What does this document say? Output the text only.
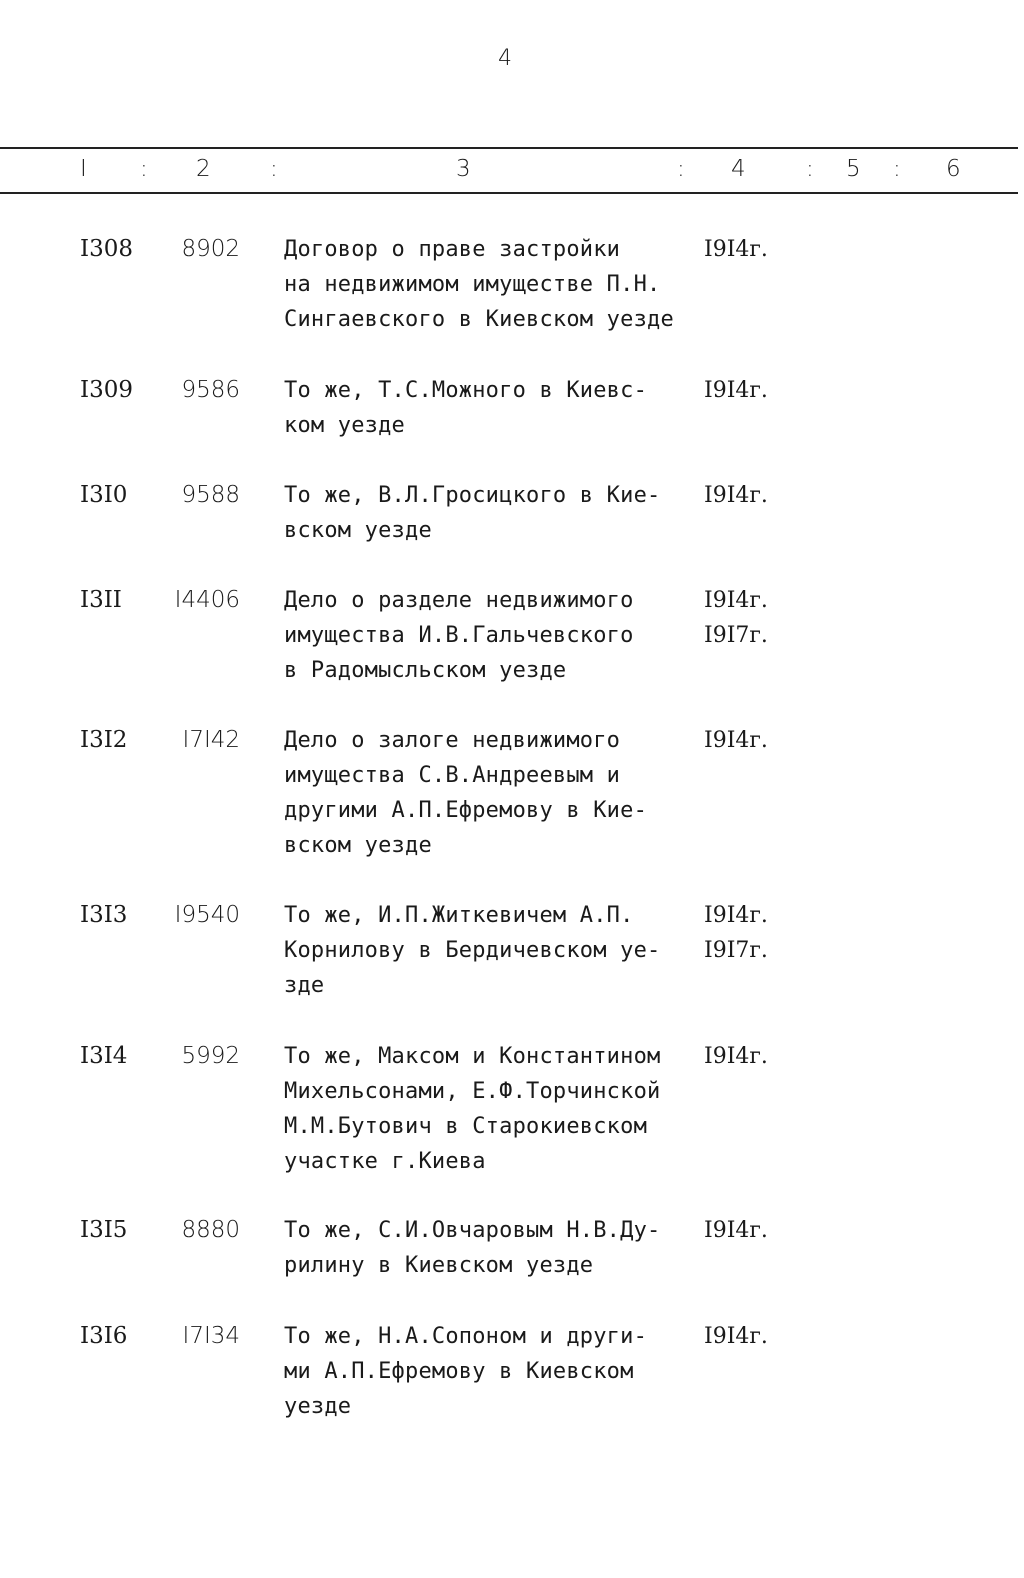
4
I : 2	:	3	: 4	: 5 : 6
I308	8902 Договор о праве застройки
на недвижимом имуществе П.Н.
Сингаевского в Киевском уезде
I9I4г.
I309	9586 То же, Т.С.Можного в Киевс-
ком уезде
I9I4г.
I3I0	9588 То же, В.Л.Гросицкого в Кие-
вском уезде
I9I4г.
I3II	I4406 Дело о разделе недвижимого
имущества И.В.Гальчевского
в Радомысльском уезде
I9I4г.
I9I7г.
I3I2	I7I42 Дело о залоге недвижимого
имущества С.В.Андреевым и
другими А.П.Ефремову в Кие-
вском уезде
I9I4г.
I3I3	I9540 То же, И.П.Житкевичем А.П.
Корнилову в Бердичевском уе-
зде
I9I4г.
I9I7г.
I3I4	5992 То же, Максом и Константином
Михельсонами, Е.Ф.Торчинской
М.М.Бутович в Старокиевском
участке г.Киева
I9I4г.
I3I5	8880 То же, С.И.Овчаровым Н.В.Ду-
рилину в Киевском уезде
I9I4г.
I3I6	I7I34 То же, Н.А.Сопоном и други-
ми А.П.Ефремову в Киевском
уезде
I9I4г.
